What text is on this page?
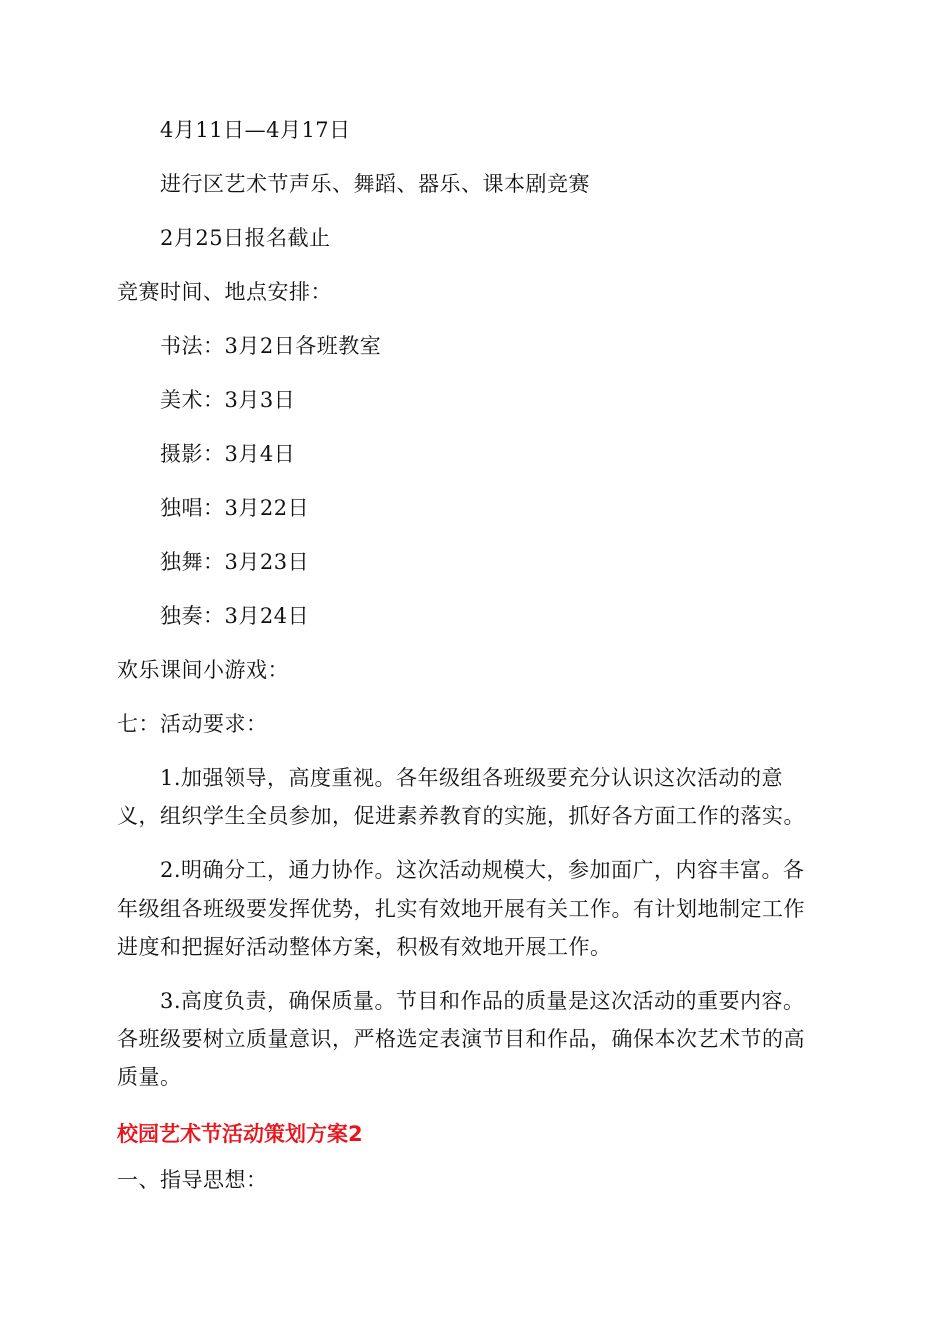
4月11日—4月17日
进行区艺术节声乐、舞蹈、器乐、课本剧竞赛
2月25日报名截止
竞赛时间、地点安排：
书法：3月2日各班教室
美术：3月3日
摄影：3月4日
独唱：3月22日
独舞：3月23日
独奏：3月24日
欢乐课间小游戏：
七：活动要求：
1.加强领导，高度重视。各年级组各班级要充分认识这次活动的意
义，组织学生全员参加，促进素养教育的实施，抓好各方面工作的落实。
2.明确分工，通力协作。这次活动规模大，参加面广，内容丰富。各
年级组各班级要发挥优势，扎实有效地开展有关工作。有计划地制定工作
进度和把握好活动整体方案，积极有效地开展工作。
3.高度负责，确保质量。节目和作品的质量是这次活动的重要内容。
各班级要树立质量意识，严格选定表演节目和作品，确保本次艺术节的高
质量。
校园艺术节活动策划方案2
一、指导思想：
